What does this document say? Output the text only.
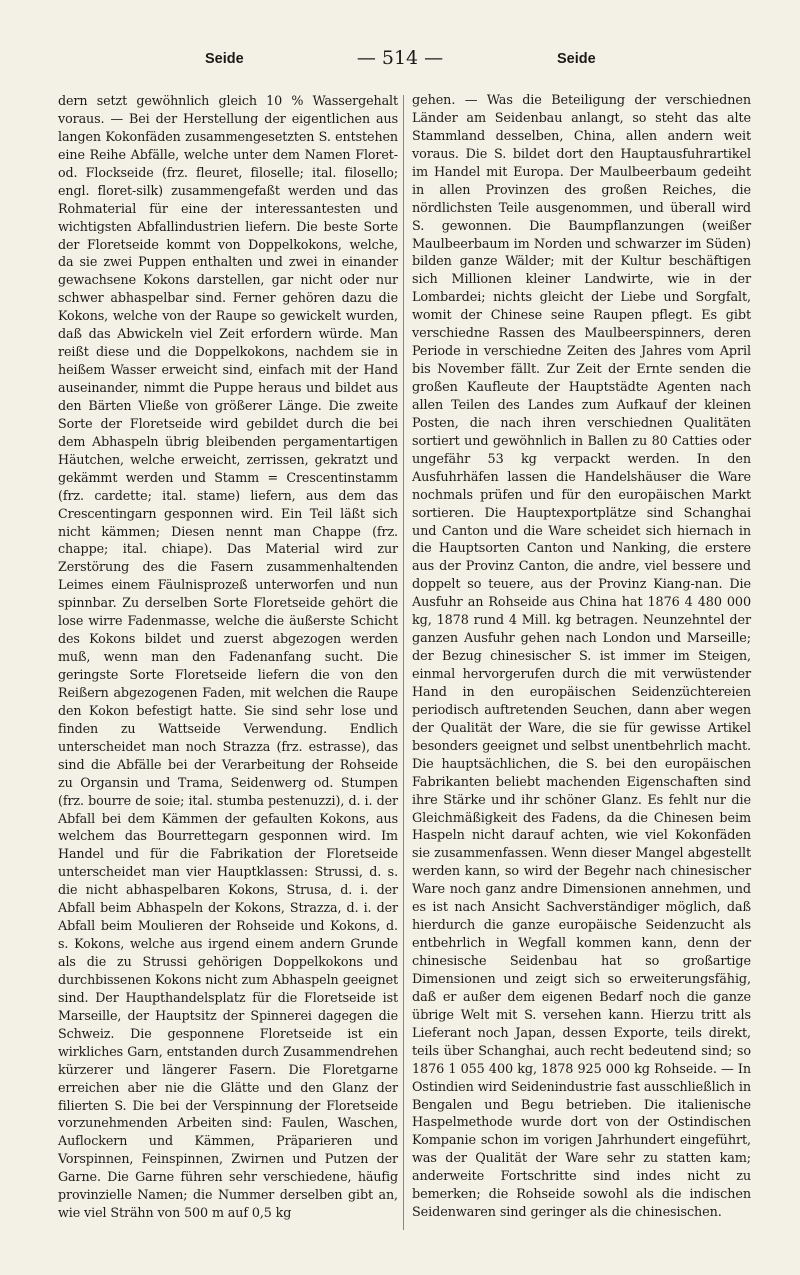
Seide	— 514 —	Seide

dern setzt gewöhnlich gleich 10 % Wassergehalt voraus. — Bei der Herstellung der eigentlichen aus langen Kokonfäden zusammengesetzten S. entstehen eine Reihe Abfälle, welche unter dem Namen Floret- od. Flockseide (frz. fleuret, filoselle; ital. filosello; engl. floret-silk) zusammengefaßt werden und das Rohmaterial für eine der interessantesten und wichtigsten Abfallindustrien liefern. Die beste Sorte der Floretseide kommt von Doppelkokons, welche, da sie zwei Puppen enthalten und zwei in einander gewachsene Kokons darstellen, gar nicht oder nur schwer abhaspelbar sind. Ferner gehören dazu die Kokons, welche von der Raupe so gewickelt wurden, daß das Abwickeln viel Zeit erfordern würde. Man reißt diese und die Doppelkokons, nachdem sie in heißem Wasser erweicht sind, einfach mit der Hand auseinander, nimmt die Puppe heraus und bildet aus den Bärten Vließe von größerer Länge. Die zweite Sorte der Floretseide wird gebildet durch die bei dem Abhaspeln übrig bleibenden pergamentartigen Häutchen, welche erweicht, zerrissen, gekratzt und gekämmt werden und Stamm = Crescentinstamm (frz. cardette; ital. stame) liefern, aus dem das Crescentingarn gesponnen wird. Ein Teil läßt sich nicht kämmen; Diesen nennt man Chappe (frz. chappe; ital. chiape). Das Material wird zur Zerstörung des die Fasern zusammenhaltenden Leimes einem Fäulnisprozeß unterworfen und nun spinnbar. Zu derselben Sorte Floretseide gehört die lose wirre Fadenmasse, welche die äußerste Schicht des Kokons bildet und zuerst abgezogen werden muß, wenn man den Fadenanfang sucht. Die geringste Sorte Floretseide liefern die von den Reißern abgezogenen Faden, mit welchen die Raupe den Kokon befestigt hatte. Sie sind sehr lose und finden zu Wattseide Verwendung. Endlich unterscheidet man noch Strazza (frz. estrasse), das sind die Abfälle bei der Verarbeitung der Rohseide zu Organsin und Trama, Seidenwerg od. Stumpen (frz. bourre de soie; ital. stumba pestenuzzi), d. i. der Abfall bei dem Kämmen der gefaulten Kokons, aus welchem das Bourrettegarn gesponnen wird. Im Handel und für die Fabrikation der Floretseide unterscheidet man vier Hauptklassen: Strussi, d. s. die nicht abhaspelbaren Kokons, Strusa, d. i. der Abfall beim Abhaspeln der Kokons, Strazza, d. i. der Abfall beim Moulieren der Rohseide und Kokons, d. s. Kokons, welche aus irgend einem andern Grunde als die zu Strussi gehörigen Doppelkokons und durchbissenen Kokons nicht zum Abhaspeln geeignet sind. Der Haupthandelsplatz für die Floretseide ist Marseille, der Hauptsitz der Spinnerei dagegen die Schweiz. Die gesponnene Floretseide ist ein wirkliches Garn, entstanden durch Zusammendrehen kürzerer und längerer Fasern. Die Floretgarne erreichen aber nie die Glätte und den Glanz der filierten S. Die bei der Verspinnung der Floretseide vorzunehmenden Arbeiten sind: Faulen, Waschen, Auflockern und Kämmen, Präparieren und Vorspinnen, Feinspinnen, Zwirnen und Putzen der Garne. Die Garne führen sehr verschiedene, häufig provinzielle Namen; die Nummer derselben gibt an, wie viel Strähn von 500 m auf 0,5 kg

gehen. — Was die Beteiligung der verschiednen Länder am Seidenbau anlangt, so steht das alte Stammland desselben, China, allen andern weit voraus. Die S. bildet dort den Hauptausfuhrartikel im Handel mit Europa. Der Maulbeerbaum gedeiht in allen Provinzen des großen Reiches, die nördlichsten Teile ausgenommen, und überall wird S. gewonnen. Die Baumpflanzungen (weißer Maulbeerbaum im Norden und schwarzer im Süden) bilden ganze Wälder; mit der Kultur beschäftigen sich Millionen kleiner Landwirte, wie in der Lombardei; nichts gleicht der Liebe und Sorgfalt, womit der Chinese seine Raupen pflegt. Es gibt verschiedne Rassen des Maulbeerspinners, deren Periode in verschiedne Zeiten des Jahres vom April bis November fällt. Zur Zeit der Ernte senden die großen Kaufleute der Hauptstädte Agenten nach allen Teilen des Landes zum Aufkauf der kleinen Posten, die nach ihren verschiednen Qualitäten sortiert und gewöhnlich in Ballen zu 80 Catties oder ungefähr 53 kg verpackt werden. In den Ausfuhrhäfen lassen die Handelshäuser die Ware nochmals prüfen und für den europäischen Markt sortieren. Die Hauptexportplätze sind Schanghai und Canton und die Ware scheidet sich hiernach in die Hauptsorten Canton und Nanking, die erstere aus der Provinz Canton, die andre, viel bessere und doppelt so teuere, aus der Provinz Kiang-nan. Die Ausfuhr an Rohseide aus China hat 1876 4 480 000 kg, 1878 rund 4 Mill. kg betragen. Neunzehntel der ganzen Ausfuhr gehen nach London und Marseille; der Bezug chinesischer S. ist immer im Steigen, einmal hervorgerufen durch die mit verwüstender Hand in den europäischen Seidenzüchtereien periodisch auftretenden Seuchen, dann aber wegen der Qualität der Ware, die sie für gewisse Artikel besonders geeignet und selbst unentbehrlich macht. Die hauptsächlichen, die S. bei den europäischen Fabrikanten beliebt machenden Eigenschaften sind ihre Stärke und ihr schöner Glanz. Es fehlt nur die Gleichmäßigkeit des Fadens, da die Chinesen beim Haspeln nicht darauf achten, wie viel Kokonfäden sie zusammenfassen. Wenn dieser Mangel abgestellt werden kann, so wird der Begehr nach chinesischer Ware noch ganz andre Dimensionen annehmen, und es ist nach Ansicht Sachverständiger möglich, daß hierdurch die ganze europäische Seidenzucht als entbehrlich in Wegfall kommen kann, denn der chinesische Seidenbau hat so großartige Dimensionen und zeigt sich so erweiterungsfähig, daß er außer dem eigenen Bedarf noch die ganze übrige Welt mit S. versehen kann. Hierzu tritt als Lieferant noch Japan, dessen Exporte, teils direkt, teils über Schanghai, auch recht bedeutend sind; so 1876 1 055 400 kg, 1878 925 000 kg Rohseide. — In Ostindien wird Seidenindustrie fast ausschließlich in Bengalen und Begu betrieben. Die italienische Haspelmethode wurde dort von der Ostindischen Kompanie schon im vorigen Jahrhundert eingeführt, was der Qualität der Ware sehr zu statten kam; anderweite Fortschritte sind indes nicht zu bemerken; die Rohseide sowohl als die indischen Seidenwaren sind geringer als die chinesischen.
